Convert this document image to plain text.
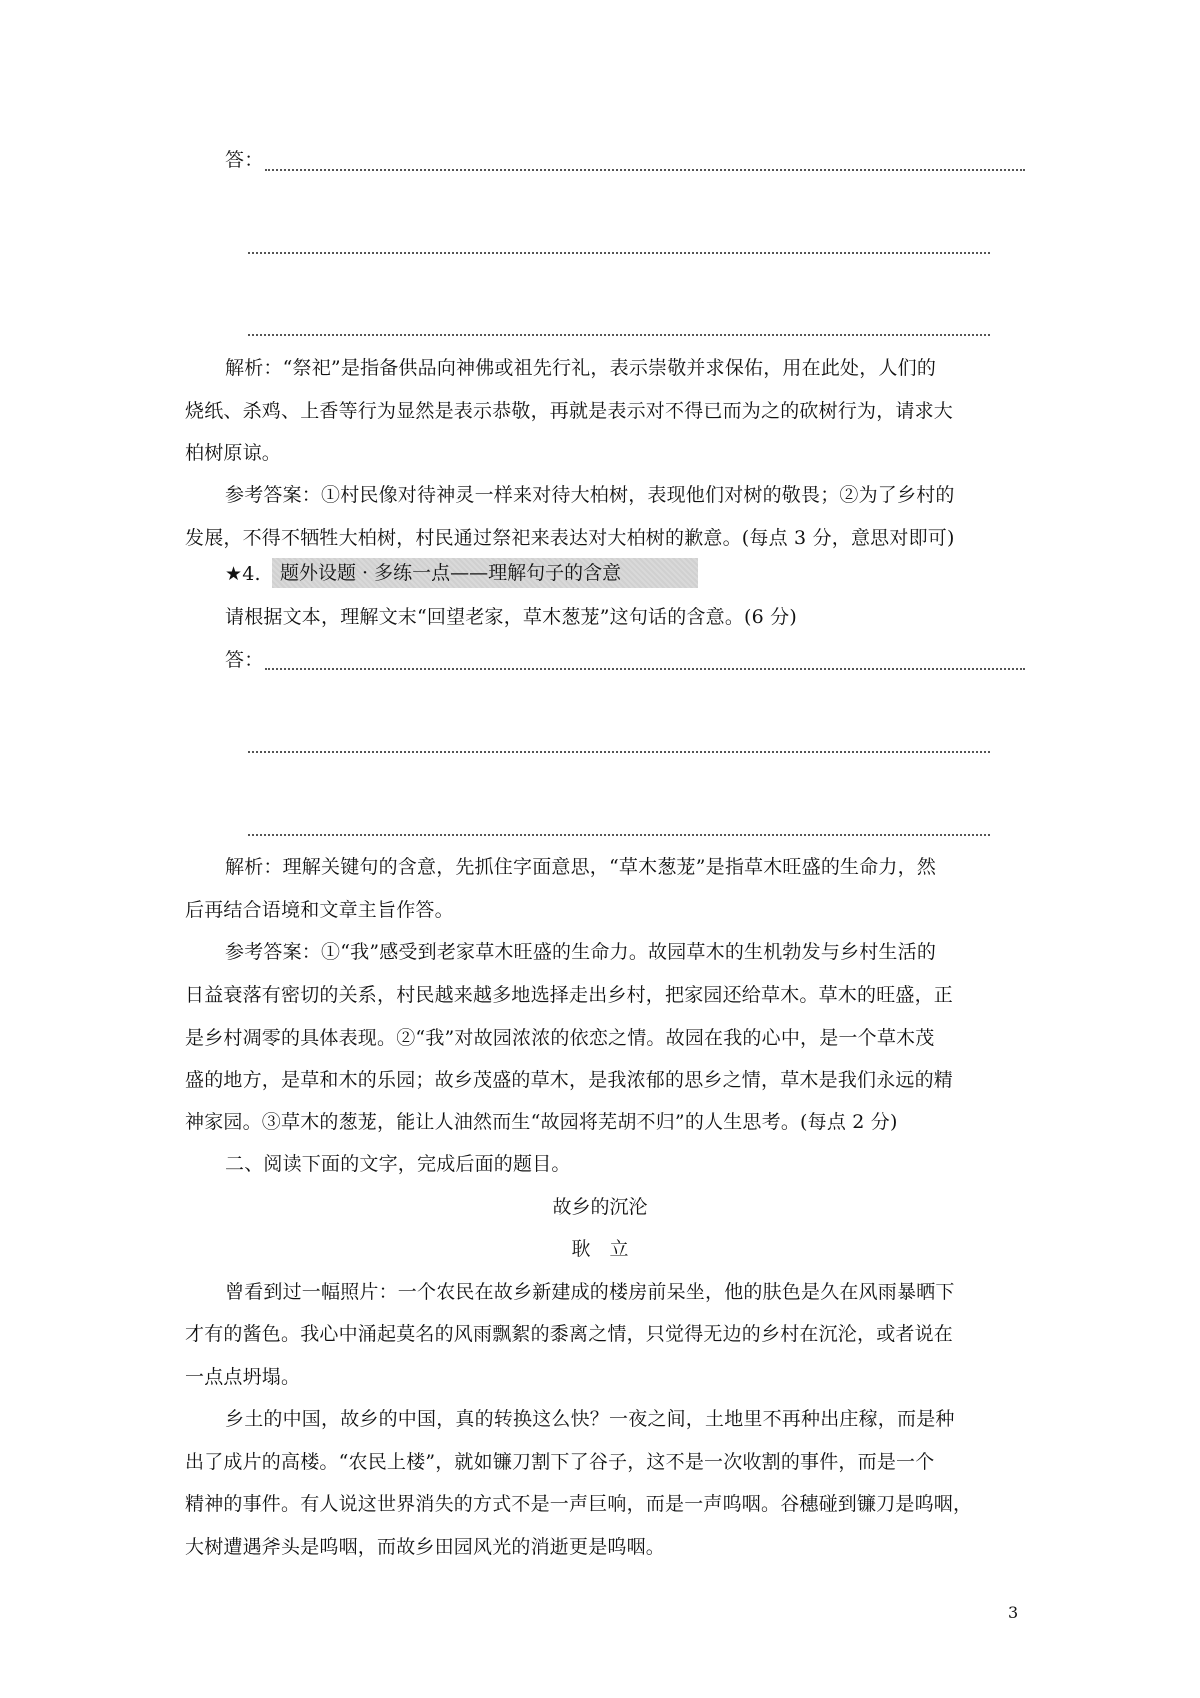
答：
解析：“祭祀”是指备供品向神佛或祖先行礼，表示崇敬并求保佑，用在此处，人们的
烧纸、杀鸡、上香等行为显然是表示恭敬，再就是表示对不得已而为之的砍树行为，请求大
柏树原谅。
参考答案：①村民像对待神灵一样来对待大柏树，表现他们对树的敬畏；②为了乡村的
发展，不得不牺牲大柏树，村民通过祭祀来表达对大柏树的歉意。(每点 3 分，意思对即可)
★4.	题外设题 · 多练一点——理解句子的含意
请根据文本，理解文末“回望老家，草木葱茏”这句话的含意。(6 分)
答：
解析：理解关键句的含意，先抓住字面意思，“草木葱茏”是指草木旺盛的生命力，然
后再结合语境和文章主旨作答。
参考答案：①“我”感受到老家草木旺盛的生命力。故园草木的生机勃发与乡村生活的
日益衰落有密切的关系，村民越来越多地选择走出乡村，把家园还给草木。草木的旺盛，正
是乡村凋零的具体表现。②“我”对故园浓浓的依恋之情。故园在我的心中，是一个草木茂
盛的地方，是草和木的乐园；故乡茂盛的草木，是我浓郁的思乡之情，草木是我们永远的精
神家园。③草木的葱茏，能让人油然而生“故园将芜胡不归”的人生思考。(每点 2 分)
二、阅读下面的文字，完成后面的题目。
故乡的沉沦
耿　立
曾看到过一幅照片：一个农民在故乡新建成的楼房前呆坐，他的肤色是久在风雨暴晒下
才有的酱色。我心中涌起莫名的风雨飘絮的黍离之情，只觉得无边的乡村在沉沦，或者说在
一点点坍塌。
乡土的中国，故乡的中国，真的转换这么快？一夜之间，土地里不再种出庄稼，而是种
出了成片的高楼。“农民上楼”，就如镰刀割下了谷子，这不是一次收割的事件，而是一个
精神的事件。有人说这世界消失的方式不是一声巨响，而是一声呜咽。谷穗碰到镰刀是呜咽，
大树遭遇斧头是呜咽，而故乡田园风光的消逝更是呜咽。
3
